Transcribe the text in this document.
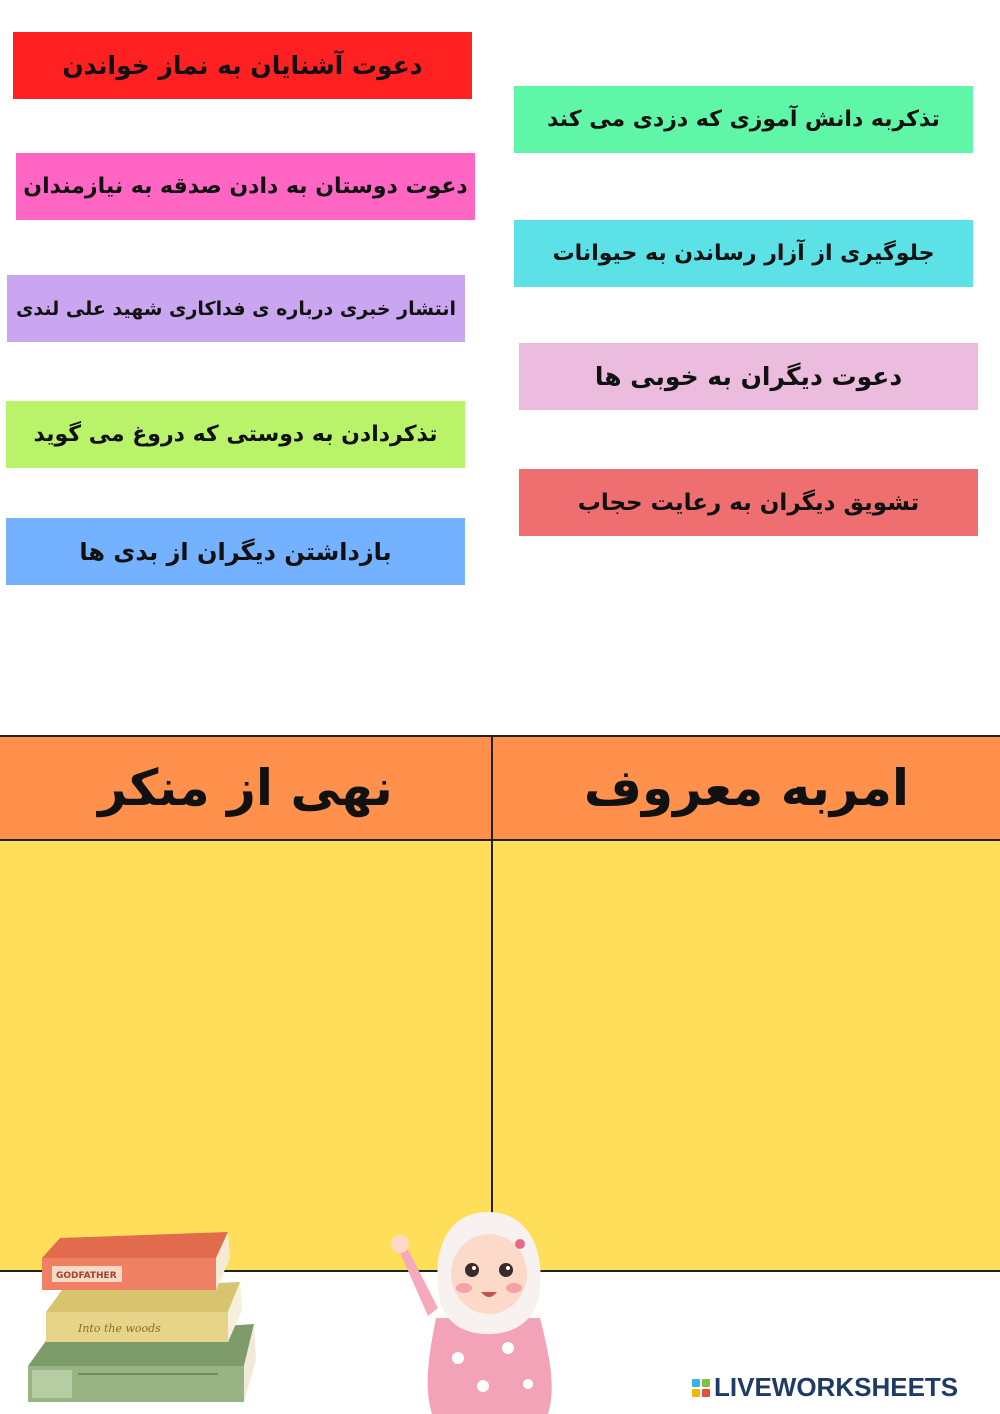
دعوت آشنایان به نماز خواندن
دعوت دوستان به دادن صدقه به نیازمندان
انتشار خبری درباره ی فداکاری شهید علی لندی
تذکردادن به دوستی که دروغ می گوید
بازداشتن دیگران از بدی ها
تذکربه دانش آموزی که دزدی می کند
جلوگیری از آزار رساندن به حیوانات
دعوت دیگران به خوبی ها
تشویق دیگران به رعایت حجاب
نهی از منکر	امربه معروف
Into the woods
GODFATHER
LIVEWORKSHEETS
